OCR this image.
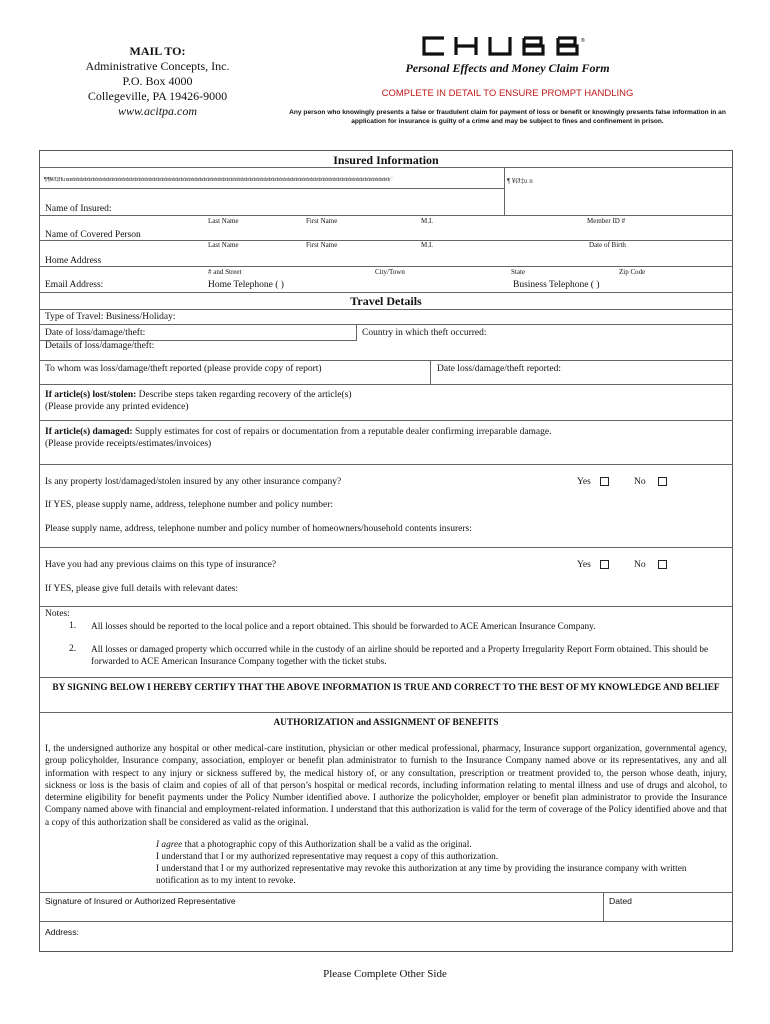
MAIL TO:
Administrative Concepts, Inc.
P.O. Box 4000
Collegeville, PA 19426-9000
www.acitpa.com
®
Personal Effects and Money Claim Form
COMPLETE IN DETAIL TO ENSURE PROMPT HANDLING
Any person who knowingly presents a false or fraudulent claim for payment of loss or benefit or knowingly presents false information in an application for insurance is guilty of a crime and may be subject to fines and confinement in prison.
Insured Information
¶ ¶¥Ø‡Hu nœ̃œ̃œ̃œ̃œ̃œ̃œ̃œ̃œ̃œ̃œ̃œ̃œ̃œ̃œ̃œ̃œ̃œ̃œ̃œ̃œ̃œ̃œ̃œ̃œ̃œ̃œ̃œ̃œ̃œ̃œ̃œ̃œ̃œ̃œ̃œ̃œ̃œ̃œ̃œ̃œ̃œ̃œ̃œ̃œ̃œ̃œ̃œ̃œ̃œ̃œ̃œ̃œ̃œ̃œ̃œ̃œ̃œ̃œ̃œ̃œ̃œ̃œ̃œ̃œ̃œ̃œ̃œ̃œ̃œ̃œ̃œ̃œ̃œ̃œ̃œ̃œ̃œ̃œ̃œ̃œ̃œ̃œ̃œ̃	¶ ¥Ø‡u n
Name of Insured:
Last Name	First Name	M.I.	Member ID #
Name of Covered Person
Last Name	First Name	M.I.	Date of Birth
Home Address
# and Street	City/Town	State	Zip Code
Email Address:	Home Telephone ( )	Business Telephone ( )
Travel Details
Type of Travel: Business/Holiday:
Date of loss/damage/theft:	Country in which theft occurred:
Details of loss/damage/theft:
To whom was loss/damage/theft reported (please provide copy of report)	Date loss/damage/theft reported:
If article(s) lost/stolen: Describe steps taken regarding recovery of the article(s)
(Please provide any printed evidence)
If article(s) damaged: Supply estimates for cost of repairs or documentation from a reputable dealer confirming irreparable damage.
(Please provide receipts/estimates/invoices)
Is any property lost/damaged/stolen insured by any other insurance company?	Yes	No
If YES, please supply name, address, telephone number and policy number:
Please supply name, address, telephone number and policy number of homeowners/household contents insurers:
Have you had any previous claims on this type of insurance?	Yes	No
If YES, please give full details with relevant dates:
Notes:
1. All losses should be reported to the local police and a report obtained. This should be forwarded to ACE American Insurance Company.
2. All losses or damaged property which occurred while in the custody of an airline should be reported and a Property Irregularity Report Form obtained. This should be forwarded to ACE American Insurance Company together with the ticket stubs.
BY SIGNING BELOW I HEREBY CERTIFY THAT THE ABOVE INFORMATION IS TRUE AND CORRECT TO THE BEST OF MY KNOWLEDGE AND BELIEF
AUTHORIZATION and ASSIGNMENT OF BENEFITS
I, the undersigned authorize any hospital or other medical-care institution, physician or other medical professional, pharmacy, Insurance support organization, governmental agency, group policyholder, Insurance company, association, employer or benefit plan administrator to furnish to the Insurance Company named above or its representatives, any and all information with respect to any injury or sickness suffered by, the medical history of, or any consultation, prescription or treatment provided to, the person whose death, injury, sickness or loss is the basis of claim and copies of all of that person’s hospital or medical records, including information relating to mental illness and use of drugs and alcohol, to determine eligibility for benefit payments under the Policy Number identified above. I authorize the policyholder, employer or benefit plan administrator to provide the Insurance Company named above with financial and employment-related information. I understand that this authorization is valid for the term of coverage of the Policy identified above and that a copy of this authorization shall be considered as valid as the original.
I agree that a photographic copy of this Authorization shall be a valid as the original.
I understand that I or my authorized representative may request a copy of this authorization.
I understand that I or my authorized representative may revoke this authorization at any time by providing the insurance company with written notification as to my intent to revoke.
Signature of Insured or Authorized Representative	Dated
Address:
Please Complete Other Side
